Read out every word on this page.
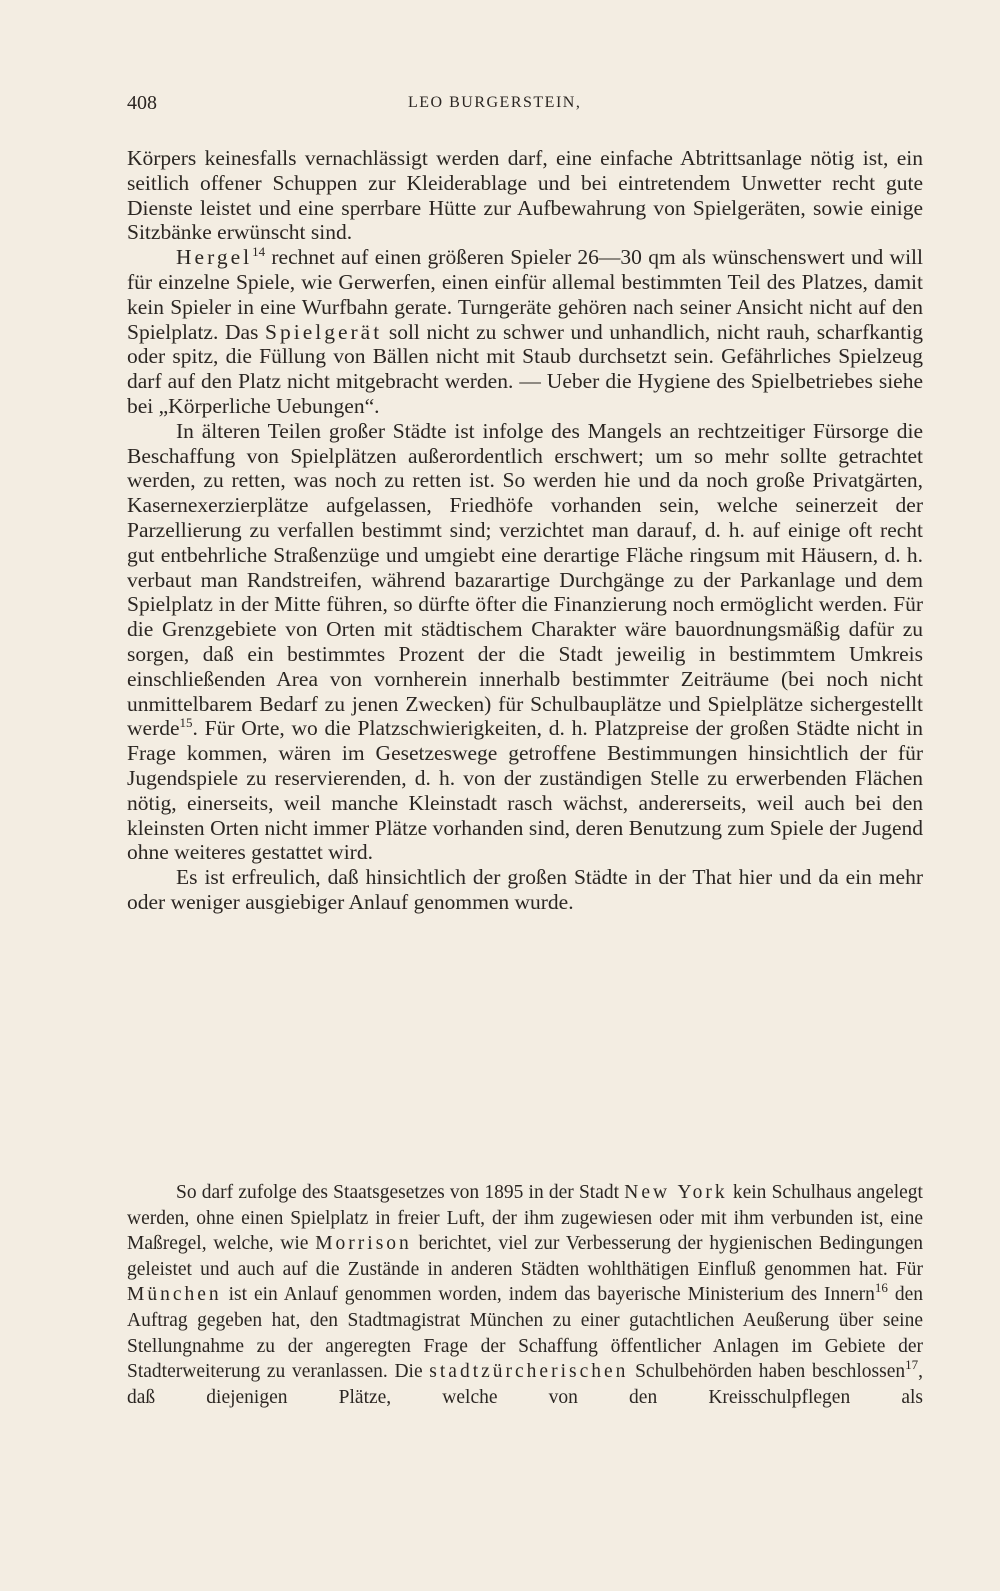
408	LEO BURGERSTEIN,

Körpers keinesfalls vernachlässigt werden darf, eine einfache Abtrittsanlage nötig ist, ein seitlich offener Schuppen zur Kleiderablage und bei eintretendem Unwetter recht gute Dienste leistet und eine sperrbare Hütte zur Aufbewahrung von Spielgeräten, sowie einige Sitzbänke erwünscht sind.

Hergel$^{14}$ rechnet auf einen größeren Spieler 26—30 qm als wünschenswert und will für einzelne Spiele, wie Gerwerfen, einen einfür allemal bestimmten Teil des Platzes, damit kein Spieler in eine Wurfbahn gerate. Turngeräte gehören nach seiner Ansicht nicht auf den Spielplatz. Das Spielgerät soll nicht zu schwer und unhandlich, nicht rauh, scharfkantig oder spitz, die Füllung von Bällen nicht mit Staub durchsetzt sein. Gefährliches Spielzeug darf auf den Platz nicht mitgebracht werden. — Ueber die Hygiene des Spielbetriebes siehe bei „Körperliche Uebungen“.

In älteren Teilen großer Städte ist infolge des Mangels an rechtzeitiger Fürsorge die Beschaffung von Spielplätzen außerordentlich erschwert; um so mehr sollte getrachtet werden, zu retten, was noch zu retten ist. So werden hie und da noch große Privatgärten, Kasernexerzierplätze aufgelassen, Friedhöfe vorhanden sein, welche seinerzeit der Parzellierung zu verfallen bestimmt sind; verzichtet man darauf, d. h. auf einige oft recht gut entbehrliche Straßenzüge und umgiebt eine derartige Fläche ringsum mit Häusern, d. h. verbaut man Randstreifen, während bazarartige Durchgänge zu der Parkanlage und dem Spielplatz in der Mitte führen, so dürfte öfter die Finanzierung noch ermöglicht werden. Für die Grenzgebiete von Orten mit städtischem Charakter wäre bauordnungsmäßig dafür zu sorgen, daß ein bestimmtes Prozent der die Stadt jeweilig in bestimmtem Umkreis einschließenden Area von vornherein innerhalb bestimmter Zeiträume (bei noch nicht unmittelbarem Bedarf zu jenen Zwecken) für Schulbauplätze und Spielplätze sichergestellt werde$^{15}$. Für Orte, wo die Platzschwierigkeiten, d. h. Platzpreise der großen Städte nicht in Frage kommen, wären im Gesetzeswege getroffene Bestimmungen hinsichtlich der für Jugendspiele zu reservierenden, d. h. von der zuständigen Stelle zu erwerbenden Flächen nötig, einerseits, weil manche Kleinstadt rasch wächst, andererseits, weil auch bei den kleinsten Orten nicht immer Plätze vorhanden sind, deren Benutzung zum Spiele der Jugend ohne weiteres gestattet wird.

Es ist erfreulich, daß hinsichtlich der großen Städte in der That hier und da ein mehr oder weniger ausgiebiger Anlauf genommen wurde.

So darf zufolge des Staatsgesetzes von 1895 in der Stadt New York kein Schulhaus angelegt werden, ohne einen Spielplatz in freier Luft, der ihm zugewiesen oder mit ihm verbunden ist, eine Maßregel, welche, wie Morrison berichtet, viel zur Verbesserung der hygienischen Bedingungen geleistet und auch auf die Zustände in anderen Städten wohlthätigen Einfluß genommen hat. Für München ist ein Anlauf genommen worden, indem das bayerische Ministerium des Innern$^{16}$ den Auftrag gegeben hat, den Stadtmagistrat München zu einer gutachtlichen Aeußerung über seine Stellungnahme zu der angeregten Frage der Schaffung öffentlicher Anlagen im Gebiete der Stadterweiterung zu veranlassen. Die stadtzürcherischen Schulbehörden haben beschlossen$^{17}$, daß diejenigen Plätze, welche von den Kreisschulpflegen als
